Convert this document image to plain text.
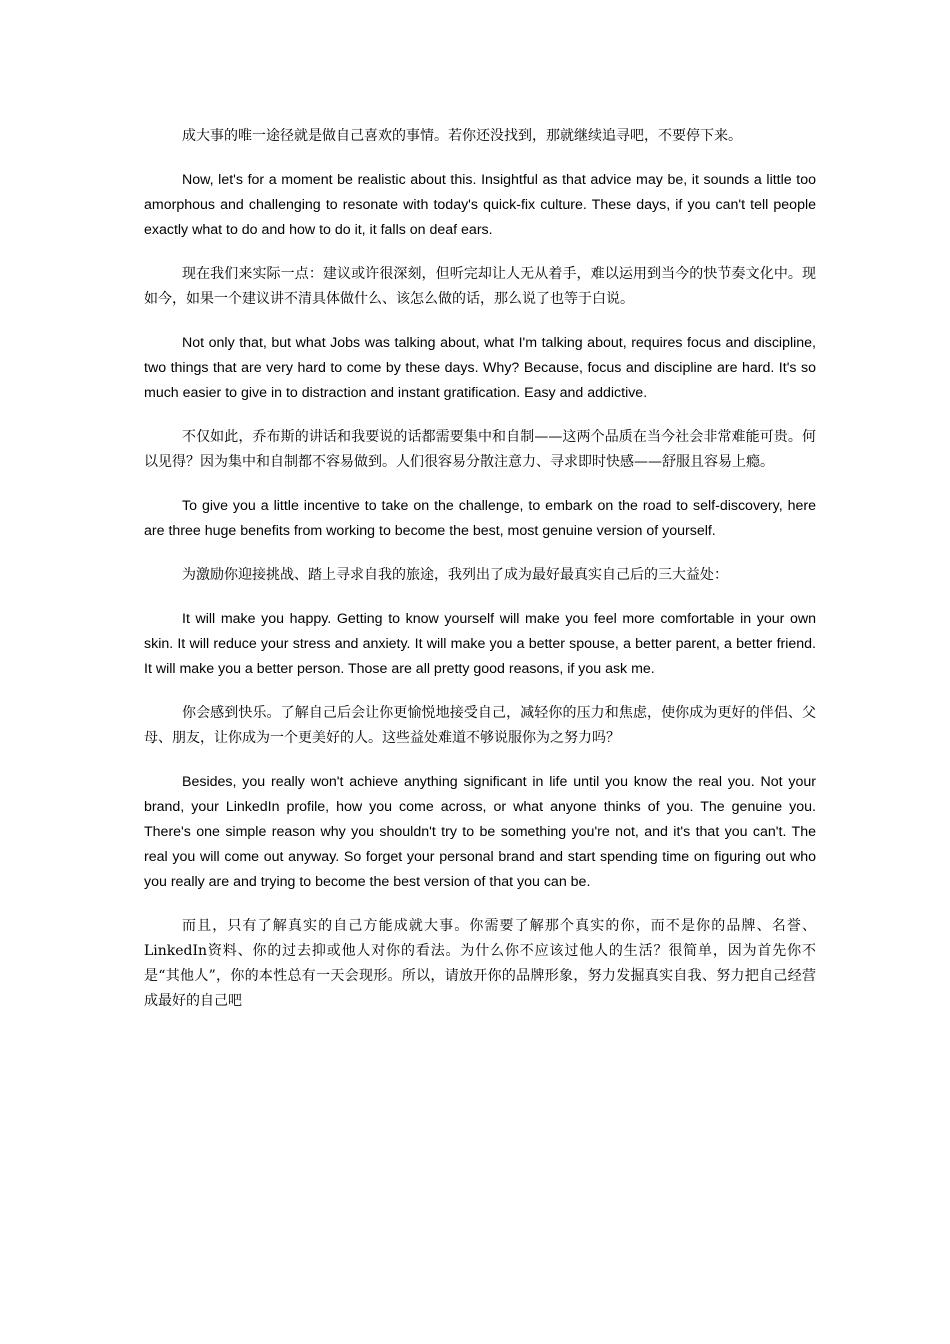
成大事的唯一途径就是做自己喜欢的事情。若你还没找到，那就继续追寻吧，不要停下来。

Now, let's for a moment be realistic about this. Insightful as that advice may be, it sounds a little too amorphous and challenging to resonate with today's quick-fix culture. These days, if you can't tell people exactly what to do and how to do it, it falls on deaf ears.

现在我们来实际一点：建议或许很深刻，但听完却让人无从着手，难以运用到当今的快节奏文化中。现如今，如果一个建议讲不清具体做什么、该怎么做的话，那么说了也等于白说。

Not only that, but what Jobs was talking about, what I'm talking about, requires focus and discipline, two things that are very hard to come by these days. Why? Because, focus and discipline are hard. It's so much easier to give in to distraction and instant gratification. Easy and addictive.

不仅如此，乔布斯的讲话和我要说的话都需要集中和自制——这两个品质在当今社会非常难能可贵。何以见得？因为集中和自制都不容易做到。人们很容易分散注意力、寻求即时快感——舒服且容易上瘾。

To give you a little incentive to take on the challenge, to embark on the road to self-discovery, here are three huge benefits from working to become the best, most genuine version of yourself.

为激励你迎接挑战、踏上寻求自我的旅途，我列出了成为最好最真实自己后的三大益处：

It will make you happy. Getting to know yourself will make you feel more comfortable in your own skin. It will reduce your stress and anxiety. It will make you a better spouse, a better parent, a better friend. It will make you a better person. Those are all pretty good reasons, if you ask me.

你会感到快乐。了解自己后会让你更愉悦地接受自己，减轻你的压力和焦虑，使你成为更好的伴侣、父母、朋友，让你成为一个更美好的人。这些益处难道不够说服你为之努力吗？

Besides, you really won't achieve anything significant in life until you know the real you. Not your brand, your LinkedIn profile, how you come across, or what anyone thinks of you. The genuine you. There's one simple reason why you shouldn't try to be something you're not, and it's that you can't. The real you will come out anyway. So forget your personal brand and start spending time on figuring out who you really are and trying to become the best version of that you can be.

而且，只有了解真实的自己方能成就大事。你需要了解那个真实的你，而不是你的品牌、名誉、LinkedIn资料、你的过去抑或他人对你的看法。为什么你不应该过他人的生活？很简单，因为首先你不是“其他人”，你的本性总有一天会现形。所以，请放开你的品牌形象，努力发掘真实自我、努力把自己经营成最好的自己吧
